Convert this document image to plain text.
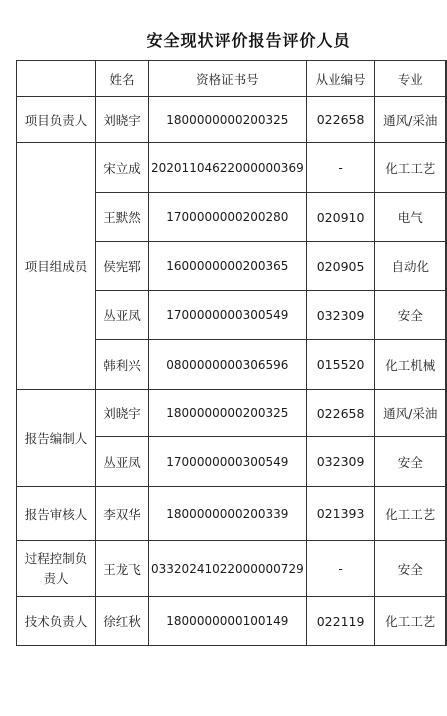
安全现状评价报告评价人员
	姓名	资格证书号	从业编号	专业
项目负责人	刘晓宇	1800000000200325	022658	通风/采油
项目组成员	宋立成	20201104622000000369	-	化工工艺
	王默然	1700000000200280	020910	电气
	侯宪郓	1600000000200365	020905	自动化
	丛亚凤	1700000000300549	032309	安全
	韩利兴	0800000000306596	015520	化工机械
报告编制人	刘晓宇	1800000000200325	022658	通风/采油
	丛亚凤	1700000000300549	032309	安全
报告审核人	李双华	1800000000200339	021393	化工工艺
过程控制负责人	王龙飞	03320241022000000729	-	安全
技术负责人	徐红秋	1800000000100149	022119	化工工艺
